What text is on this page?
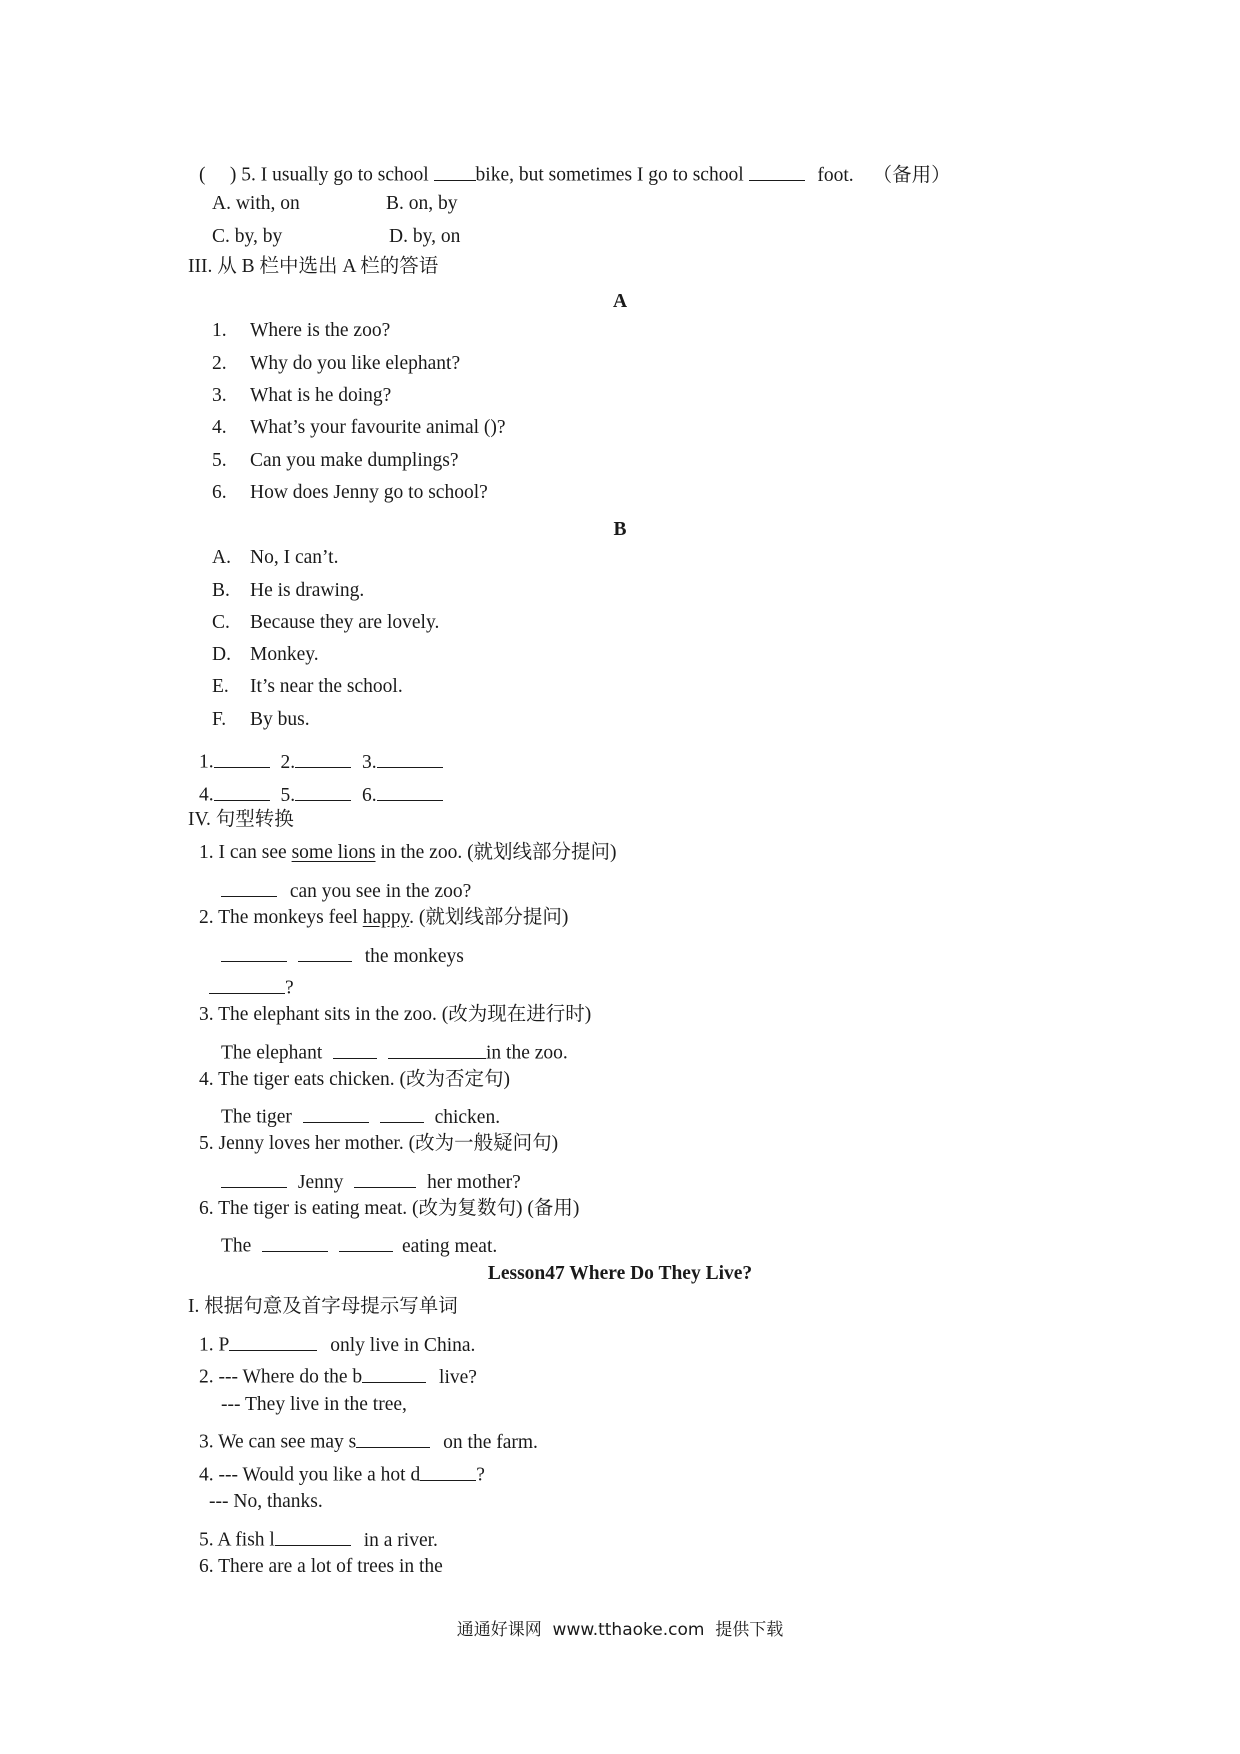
(     ) 5. I usually go to school bike, but sometimes I go to school	foot. （备用）
A. with, on	B. on, by
C. by, by	D. by, on
III. 从 B 栏中选出 A 栏的答语
A
1. Where is the zoo?
2. Why do you like elephant?
3. What is he doing?
4. What’s your favourite animal ()?
5. Can you make dumplings?
6. How does Jenny go to school?
B
A. No, I can’t.
B. He is drawing.
C. Because they are lovely.
D. Monkey.
E. It’s near the school.
F. By bus.
1.	2.	3.
4.	5.	6.
IV. 句型转换
1. I can see some lions in the zoo. (就划线部分提问)
can you see in the zoo?
2. The monkeys feel happy. (就划线部分提问)
the monkeys
?
3. The elephant sits in the zoo. (改为现在进行时)
The elephant	in the zoo.
4. The tiger eats chicken. (改为否定句)
The tiger	chicken.
5. Jenny loves her mother. (改为一般疑问句)
Jenny	her mother?
6. The tiger is eating meat. (改为复数句) (备用)
The	eating meat.
Lesson47 Where Do They Live?
I. 根据句意及首字母提示写单词
1. P	only live in China.
2. --- Where do the b	live?
--- They live in the tree,
3. We can see may s	on the farm.
4. --- Would you like a hot d	?
--- No, thanks.
5. A fish l	in a river.
6. There are a lot of trees in the
通通好课网  www.tthaoke.com  提供下载
